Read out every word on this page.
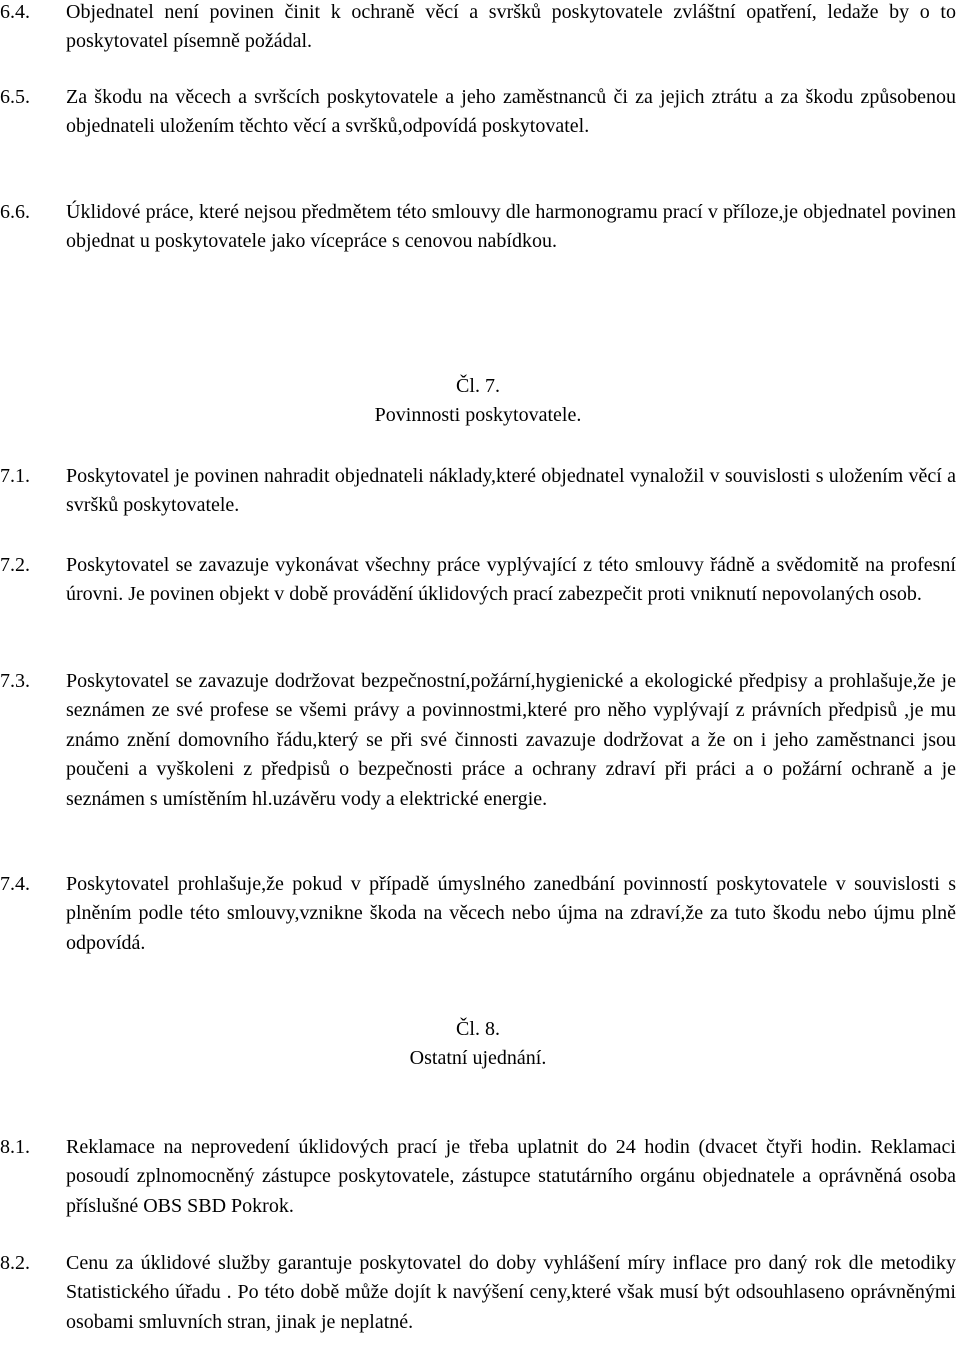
6.4.	Objednatel není povinen činit k ochraně věcí a svršků poskytovatele zvláštní opatření, ledaže by o to poskytovatel písemně požádal.
6.5.	Za škodu na věcech a svršcích poskytovatele a jeho zaměstnanců či za jejich ztrátu a za škodu způsobenou objednateli uložením těchto věcí a svršků,odpovídá poskytovatel.
6.6.	Úklidové práce, které nejsou předmětem této smlouvy dle harmonogramu prací v příloze,je objednatel povinen objednat u poskytovatele jako vícepráce s cenovou nabídkou.
Čl. 7.
Povinnosti poskytovatele.
7.1.	Poskytovatel je povinen nahradit objednateli náklady,které objednatel vynaložil v souvislosti s uložením věcí a svršků poskytovatele.
7.2.	Poskytovatel se zavazuje vykonávat všechny práce vyplývající z této smlouvy řádně a svědomitě na profesní úrovni. Je povinen objekt v době provádění úklidových prací zabezpečit proti vniknutí nepovolaných osob.
7.3.	Poskytovatel se zavazuje dodržovat bezpečnostní,požární,hygienické a ekologické předpisy a prohlašuje,že je seznámen ze své profese se všemi právy a povinnostmi,které pro něho vyplývají z právních předpisů ,je mu známo znění domovního řádu,který se při své činnosti zavazuje dodržovat a že on i jeho zaměstnanci jsou poučeni a vyškoleni z předpisů o bezpečnosti práce a ochrany zdraví při práci a o požární ochraně a je seznámen s umístěním hl.uzávěru vody a elektrické energie.
7.4.	Poskytovatel prohlašuje,že pokud v případě úmyslného zanedbání povinností poskytovatele v souvislosti s plněním podle této smlouvy,vznikne škoda na věcech nebo újma na zdraví,že za tuto škodu nebo újmu plně odpovídá.
Čl. 8.
Ostatní ujednání.
8.1.	Reklamace na neprovedení úklidových prací je třeba uplatnit do 24 hodin (dvacet čtyři hodin. Reklamaci posoudí zplnomocněný zástupce poskytovatele, zástupce statutárního orgánu objednatele a oprávněná osoba příslušné OBS SBD Pokrok.
8.2.	Cenu za úklidové služby garantuje poskytovatel do doby vyhlášení míry inflace pro daný rok dle metodiky Statistického úřadu . Po této době může dojít k navýšení ceny,které však musí být odsouhlaseno oprávněnými osobami smluvních stran, jinak je neplatné.
